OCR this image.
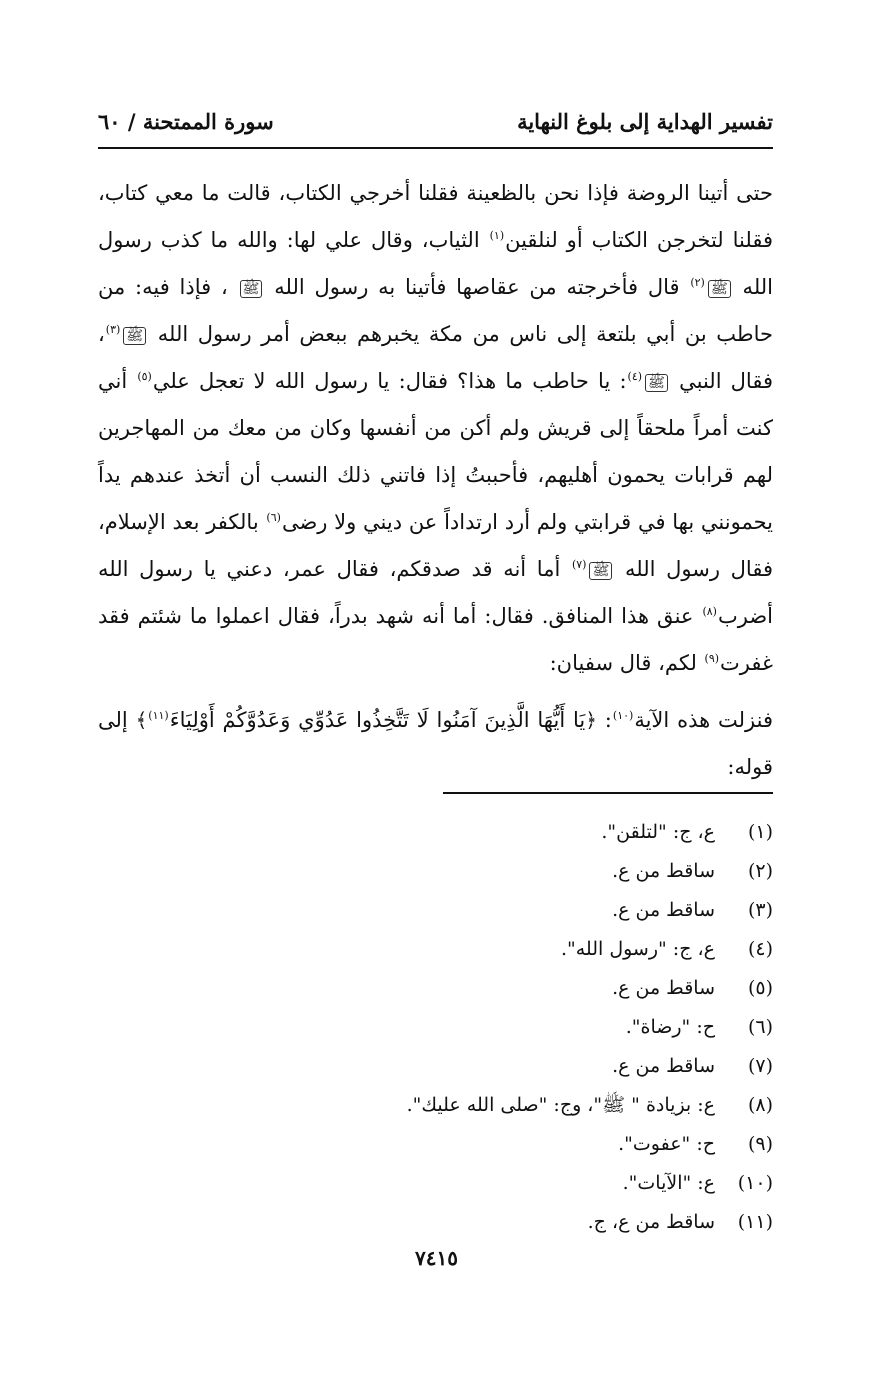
تفسير الهداية إلى بلوغ النهاية
سورة الممتحنة / ٦٠

حتى أتينا الروضة فإذا نحن بالظعينة فقلنا أخرجي الكتاب، قالت ما معي كتاب، فقلنا لتخرجن الكتاب أو لنلقين$^{(١)}$ الثياب، وقال علي لها: والله ما كذب رسول الله ﷺ$^{(٢)}$ قال فأخرجته من عقاصها فأتينا به رسول الله ﷺ ، فإذا فيه: من حاطب بن أبي بلتعة إلى ناس من مكة يخبرهم ببعض أمر رسول الله ﷺ$^{(٣)}$، فقال النبي ﷺ$^{(٤)}$: يا حاطب ما هذا؟ فقال: يا رسول الله لا تعجل علي$^{(٥)}$ أني كنت أمراً ملحقاً إلى قريش ولم أكن من أنفسها وكان من معك من المهاجرين لهم قرابات يحمون أهليهم، فأحببتُ إذا فاتني ذلك النسب أن أتخذ عندهم يداً يحمونني بها في قرابتي ولم أرد ارتداداً عن ديني ولا رضى$^{(٦)}$ بالكفر بعد الإسلام، فقال رسول الله ﷺ$^{(٧)}$ أما أنه قد صدقكم، فقال عمر، دعني يا رسول الله أضرب$^{(٨)}$ عنق هذا المنافق. فقال: أما أنه شهد بدراً، فقال اعملوا ما شئتم فقد غفرت$^{(٩)}$ لكم، قال سفيان:

فنزلت هذه الآية$^{(١٠)}$: ﴿يَا أَيُّهَا الَّذِينَ آمَنُوا لَا تَتَّخِذُوا عَدُوِّي وَعَدُوَّكُمْ أَوْلِيَاءَ$^{(١١)}$﴾ إلى قوله:

(١)ع، ج: "لتلقن".
(٢)ساقط من ع.
(٣)ساقط من ع.
(٤)ع، ج: "رسول الله".
(٥)ساقط من ع.
(٦)ح: "رضاة".
(٧)ساقط من ع.
(٨)ع: بزيادة " ﷺ"، وج: "صلى الله عليك".
(٩)ح: "عفوت".
(١٠)ع: "الآيات".
(١١)ساقط من ع، ج.
٧٤١٥
